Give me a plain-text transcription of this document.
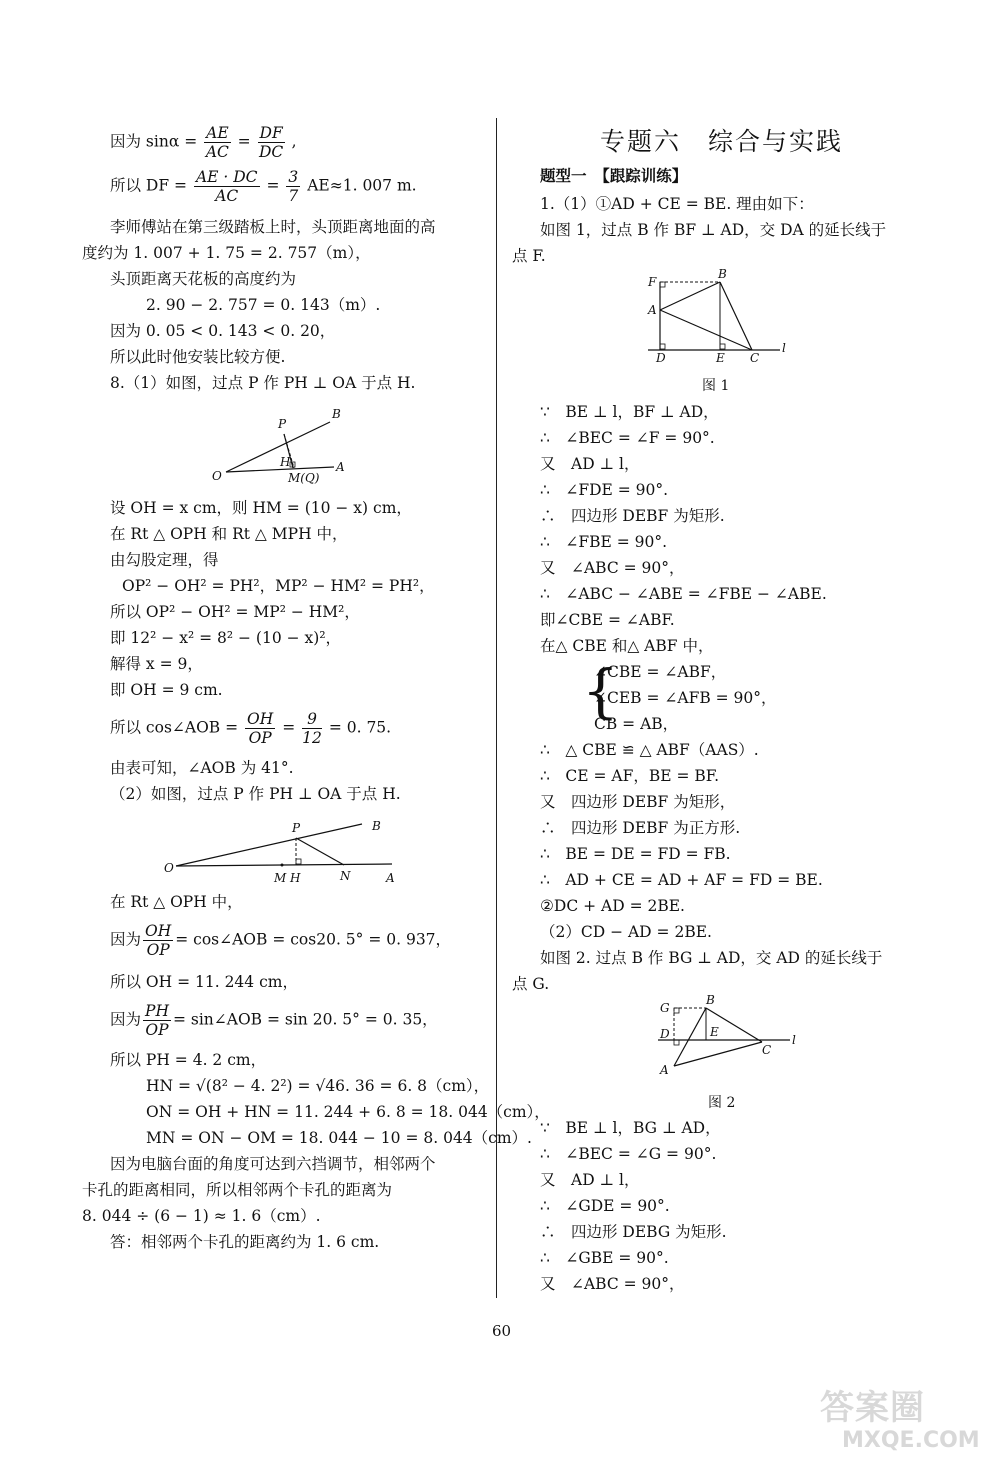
因为 $\sin\alpha = \frac{AE}{AC} = \frac{DF}{DC}$ ,
所以 DF = $\frac{AE \cdot DC}{AC} = \frac{3}{7} AE\approx 1$. 007 m.
李师傅站在第三级踏板上时，头顶距离地面的高
度约为 1. 007 + 1. 75 = 2. 757（m），
头顶距离天花板的高度约为
2. 90 − 2. 757 = 0. 143（m）.
因为 0. 05 < 0. 143 < 0. 20，
所以此时他安装比较方便.
8.（1）如图，过点 P 作 PH ⊥ OA 于点 H.
P
B
O
H
M(Q)
A
设 OH = x cm，则 HM = (10 − x) cm，
在 Rt △ OPH 和 Rt △ MPH 中，
由勾股定理，得
OP² − OH² = PH²，MP² − HM² = PH²，
所以 OP² − OH² = MP² − HM²，
即 12² − x² = 8² − (10 − x)²，
解得 x = 9，
即 OH = 9 cm.
所以 cos∠AOB = $\frac{OH}{OP} = \frac{9}{12} = 0$. 75.
由表可知，∠AOB 为 41°.
（2）如图，过点 P 作 PH ⊥ OA 于点 H.
P	B
O
M H	N	A
在 Rt △ OPH 中，
因为 $\frac{OH}{OP}$ = cos∠AOB = cos20. 5° = 0. 937，
所以 OH = 11. 244 cm，
因为 $\frac{PH}{OP}$ = sin∠AOB = sin 20. 5° = 0. 35，
所以 PH = 4. 2 cm，
HN = √(8² − 4. 2²) = √46. 36 = 6. 8（cm），
ON = OH + HN = 11. 244 + 6. 8 = 18. 044（cm），
MN = ON − OM = 18. 044 − 10 = 8. 044（cm）.
因为电脑台面的角度可达到六挡调节，相邻两个
卡孔的距离相同，所以相邻两个卡孔的距离为
8. 044 ÷ (6 − 1) ≈ 1. 6（cm）.
答：相邻两个卡孔的距离约为 1. 6 cm.
专题六　综合与实践
题型一　【跟踪训练】
1.（1）①AD + CE = BE. 理由如下：
如图 1，过点 B 作 BF ⊥ AD，交 DA 的延长线于
点 F.
F
B
A
D	E C
l
图 1
∵　BE ⊥ l，BF ⊥ AD，
∴　∠BEC = ∠F = 90°.
又　AD ⊥ l，
∴　∠FDE = 90°.
∴　四边形 DEBF 为矩形.
∴　∠FBE = 90°.
又　∠ABC = 90°，
∴　∠ABC − ∠ABE = ∠FBE − ∠ABE.
即∠CBE = ∠ABF.
在△ CBE 和△ ABF 中，
{
∠CBE = ∠ABF，
∠CEB = ∠AFB = 90°，
CB = AB，
∴　△ CBE ≌ △ ABF（AAS）.
∴　CE = AF，BE = BF.
又　四边形 DEBF 为矩形，
∴　四边形 DEBF 为正方形.
∴　BE = DE = FD = FB.
∴　AD + CE = AD + AF = FD = BE.
②DC + AD = 2BE.
（2）CD − AD = 2BE.
如图 2. 过点 B 作 BG ⊥ AD，交 AD 的延长线于
点 G.
G
B
D	E
C
l
A
图 2
∵　BE ⊥ l，BG ⊥ AD，
∴　∠BEC = ∠G = 90°.
又　AD ⊥ l，
∴　∠GDE = 90°.
∴　四边形 DEBG 为矩形.
∴　∠GBE = 90°.
又　∠ABC = 90°，
60
答案圈
MXQE.COM
